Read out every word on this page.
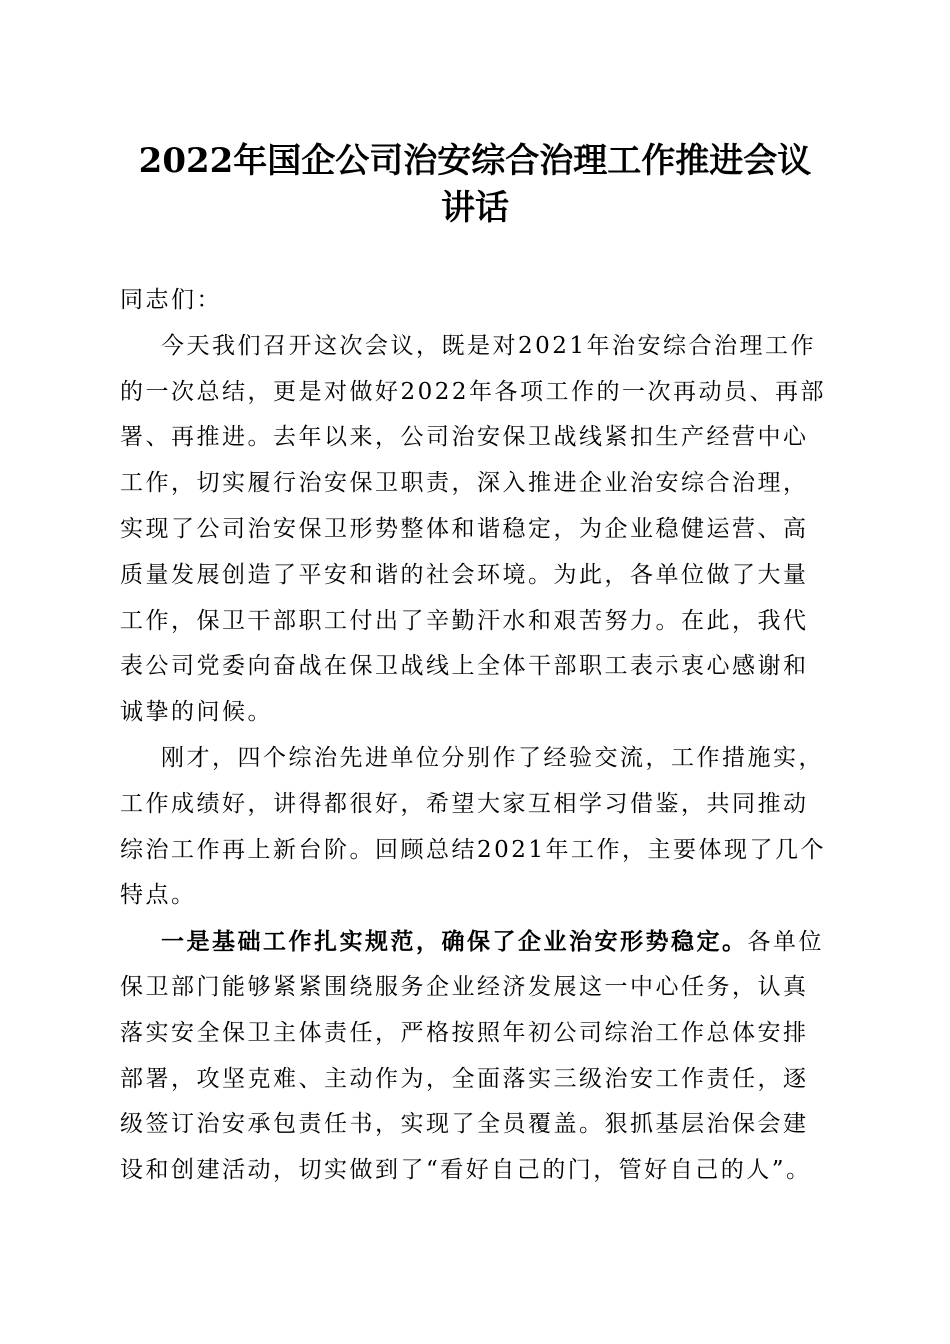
2022年国企公司治安综合治理工作推进会议
讲话
同志们：
今天我们召开这次会议，既是对2021年治安综合治理工作
的一次总结，更是对做好2022年各项工作的一次再动员、再部
署、再推进。去年以来，公司治安保卫战线紧扣生产经营中心
工作，切实履行治安保卫职责，深入推进企业治安综合治理，
实现了公司治安保卫形势整体和谐稳定，为企业稳健运营、高
质量发展创造了平安和谐的社会环境。为此，各单位做了大量
工作，保卫干部职工付出了辛勤汗水和艰苦努力。在此，我代
表公司党委向奋战在保卫战线上全体干部职工表示衷心感谢和
诚挚的问候。
刚才，四个综治先进单位分别作了经验交流，工作措施实，
工作成绩好，讲得都很好，希望大家互相学习借鉴，共同推动
综治工作再上新台阶。回顾总结2021年工作，主要体现了几个
特点。
一是基础工作扎实规范，确保了企业治安形势稳定。各单位
保卫部门能够紧紧围绕服务企业经济发展这一中心任务，认真
落实安全保卫主体责任，严格按照年初公司综治工作总体安排
部署，攻坚克难、主动作为，全面落实三级治安工作责任，逐
级签订治安承包责任书，实现了全员覆盖。狠抓基层治保会建
设和创建活动，切实做到了“看好自己的门，管好自己的人”。
